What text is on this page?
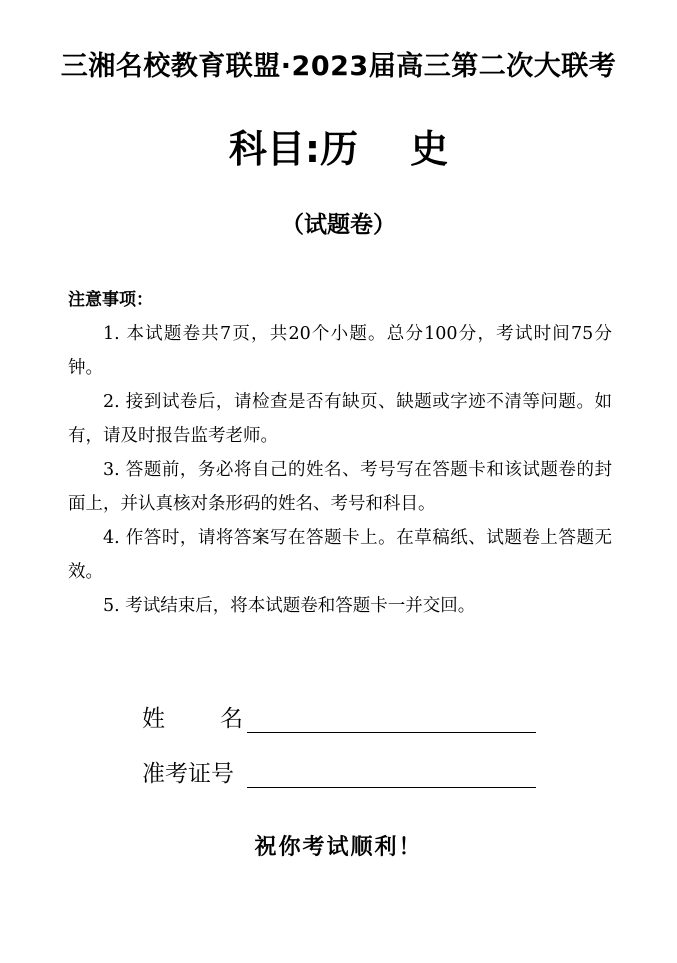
三湘名校教育联盟·2023届高三第二次大联考
科目:历 史
（试题卷）
注意事项：
1. 本试题卷共7页，共20个小题。总分100分，考试时间75分钟。
2. 接到试卷后，请检查是否有缺页、缺题或字迹不清等问题。如有，请及时报告监考老师。
3. 答题前，务必将自己的姓名、考号写在答题卡和该试题卷的封面上，并认真核对条形码的姓名、考号和科目。
4. 作答时，请将答案写在答题卡上。在草稿纸、试题卷上答题无效。
5. 考试结束后，将本试题卷和答题卡一并交回。
姓名
准考证号
祝你考试顺利！
